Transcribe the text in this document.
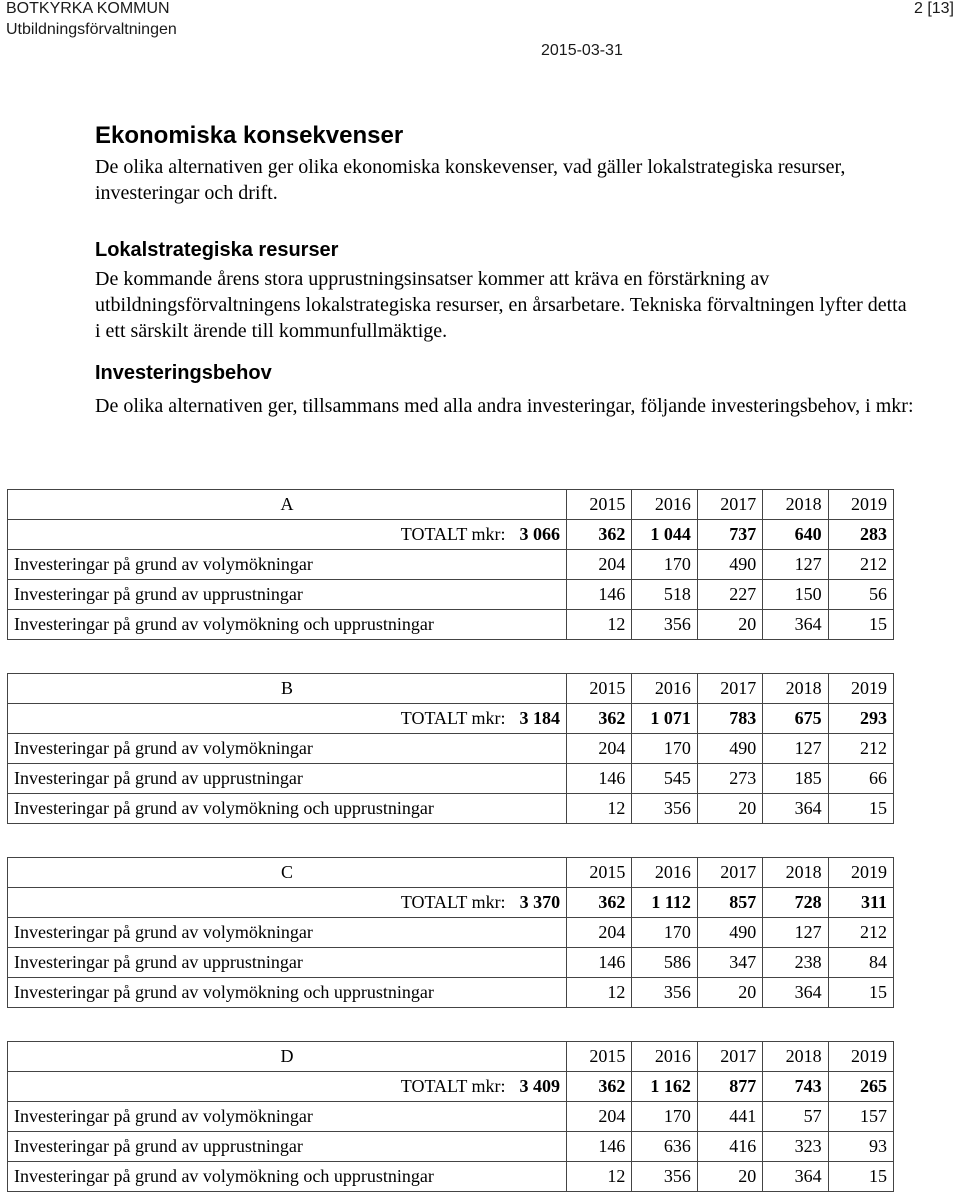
BOTKYRKA KOMMUN
Utbildningsförvaltningen
2 [13]
2015-03-31
Ekonomiska konsekvenser

De olika alternativen ger olika ekonomiska konskevenser, vad gäller lokalstrategiska resurser, investeringar och drift.

Lokalstrategiska resurser

De kommande årens stora upprustningsinsatser kommer att kräva en förstärkning av utbildningsförvaltningens lokalstrategiska resurser, en årsarbetare. Tekniska förvaltningen lyfter detta i ett särskilt ärende till kommunfullmäktige.

Investeringsbehov

De olika alternativen ger, tillsammans med alla andra investeringar, följande investeringsbehov, i mkr:

A	2015	2016	2017	2018	2019
TOTALT mkr: 3 066	362	1 044	737	640	283
Investeringar på grund av volymökningar	204	170	490	127	212
Investeringar på grund av upprustningar	146	518	227	150	56
Investeringar på grund av volymökning och upprustningar	12	356	20	364	15
B	2015	2016	2017	2018	2019
TOTALT mkr: 3 184	362	1 071	783	675	293
Investeringar på grund av volymökningar	204	170	490	127	212
Investeringar på grund av upprustningar	146	545	273	185	66
Investeringar på grund av volymökning och upprustningar	12	356	20	364	15
C	2015	2016	2017	2018	2019
TOTALT mkr: 3 370	362	1 112	857	728	311
Investeringar på grund av volymökningar	204	170	490	127	212
Investeringar på grund av upprustningar	146	586	347	238	84
Investeringar på grund av volymökning och upprustningar	12	356	20	364	15
D	2015	2016	2017	2018	2019
TOTALT mkr: 3 409	362	1 162	877	743	265
Investeringar på grund av volymökningar	204	170	441	57	157
Investeringar på grund av upprustningar	146	636	416	323	93
Investeringar på grund av volymökning och upprustningar	12	356	20	364	15
